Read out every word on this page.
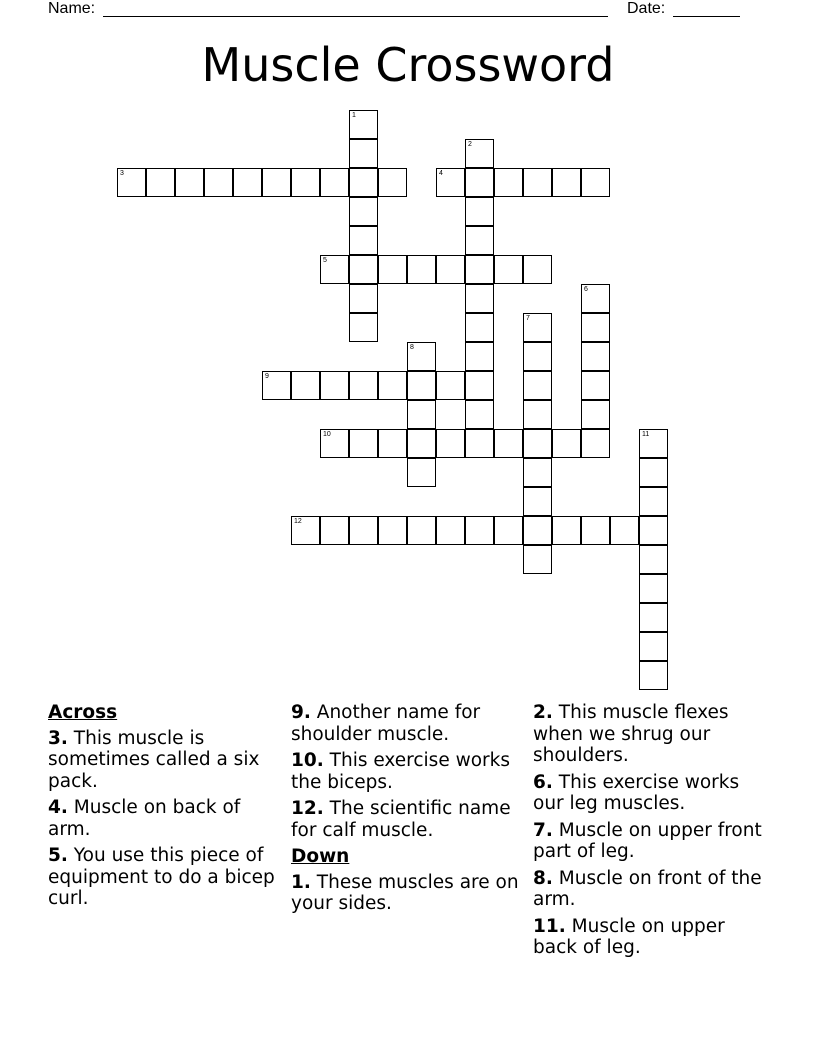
Name:	Date:
Muscle Crossword
1
2
3	4
5
6
7
8
9
10	11
12
Across
3. This muscle is sometimes called a six pack.
4. Muscle on back of arm.
5. You use this piece of equipment to do a bicep curl.
9. Another name for shoulder muscle.
10. This exercise works the biceps.
12. The scientific name for calf muscle.
Down
1. These muscles are on your sides.
2. This muscle flexes when we shrug our shoulders.
6. This exercise works our leg muscles.
7. Muscle on upper front part of leg.
8. Muscle on front of the arm.
11. Muscle on upper back of leg.
